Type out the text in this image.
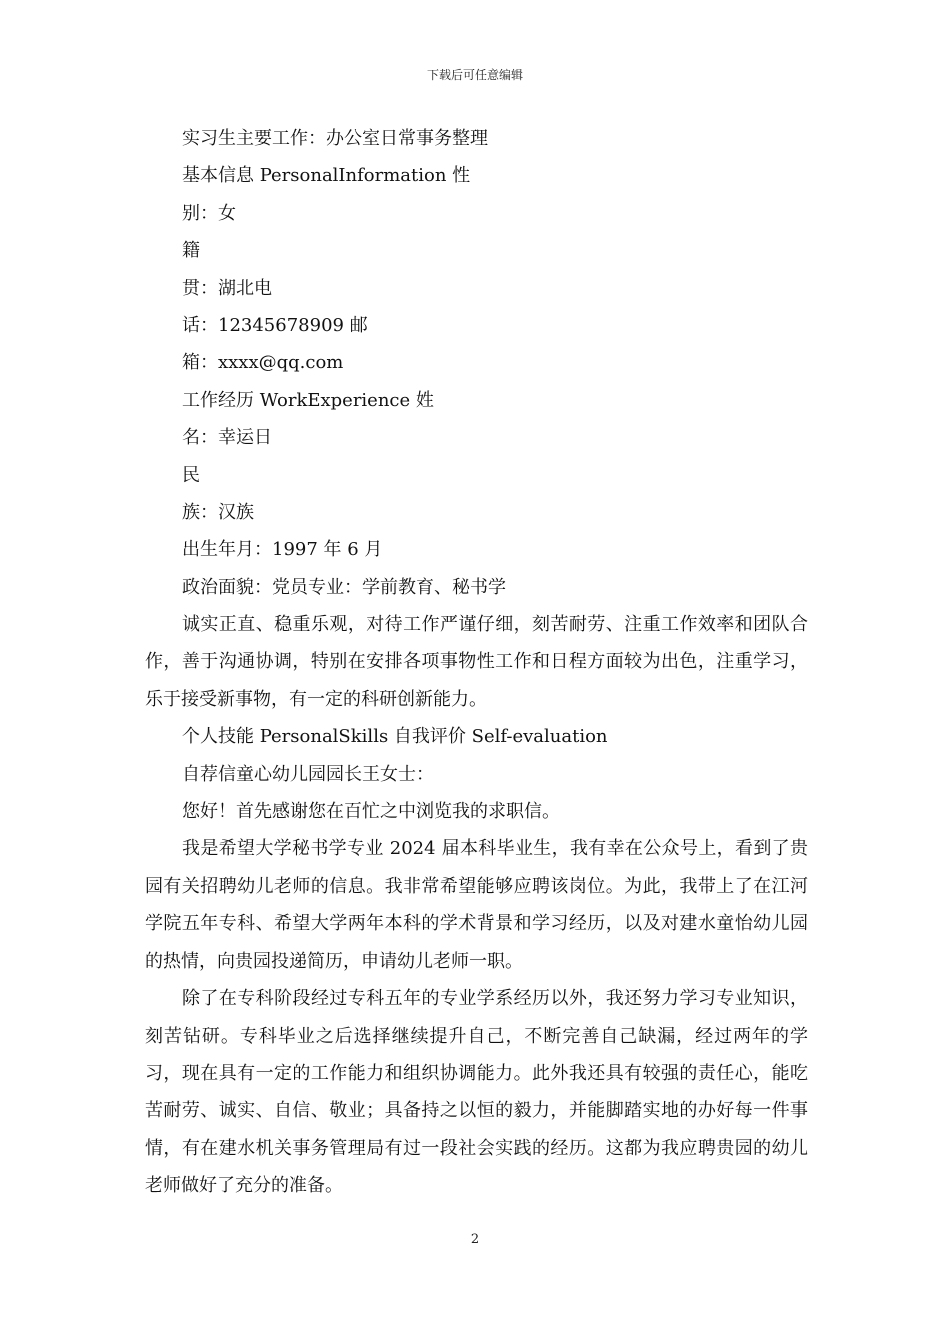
下载后可任意编辑
实习生主要工作：办公室日常事务整理
基本信息 PersonalInformation 性
别：女
籍
贯：湖北电
话：12345678909 邮
箱：xxxx@qq.com
工作经历 WorkExperience 姓
名：幸运日
民
族：汉族
出生年月：1997 年 6 月
政治面貌：党员专业：学前教育、秘书学

诚实正直、稳重乐观，对待工作严谨仔细，刻苦耐劳、注重工作效率和团队合作，善于沟通协调，特别在安排各项事物性工作和日程方面较为出色，注重学习，乐于接受新事物，有一定的科研创新能力。

个人技能 PersonalSkills 自我评价 Self-evaluation
自荐信童心幼儿园园长王女士：
您好！首先感谢您在百忙之中浏览我的求职信。

我是希望大学秘书学专业 2024 届本科毕业生，我有幸在公众号上，看到了贵园有关招聘幼儿老师的信息。我非常希望能够应聘该岗位。为此，我带上了在江河学院五年专科、希望大学两年本科的学术背景和学习经历，以及对建水童怡幼儿园的热情，向贵园投递简历，申请幼儿老师一职。

除了在专科阶段经过专科五年的专业学系经历以外，我还努力学习专业知识，刻苦钻研。专科毕业之后选择继续提升自己，不断完善自己缺漏，经过两年的学习，现在具有一定的工作能力和组织协调能力。此外我还具有较强的责任心，能吃苦耐劳、诚实、自信、敬业；具备持之以恒的毅力，并能脚踏实地的办好每一件事情，有在建水机关事务管理局有过一段社会实践的经历。这都为我应聘贵园的幼儿老师做好了充分的准备。

2
